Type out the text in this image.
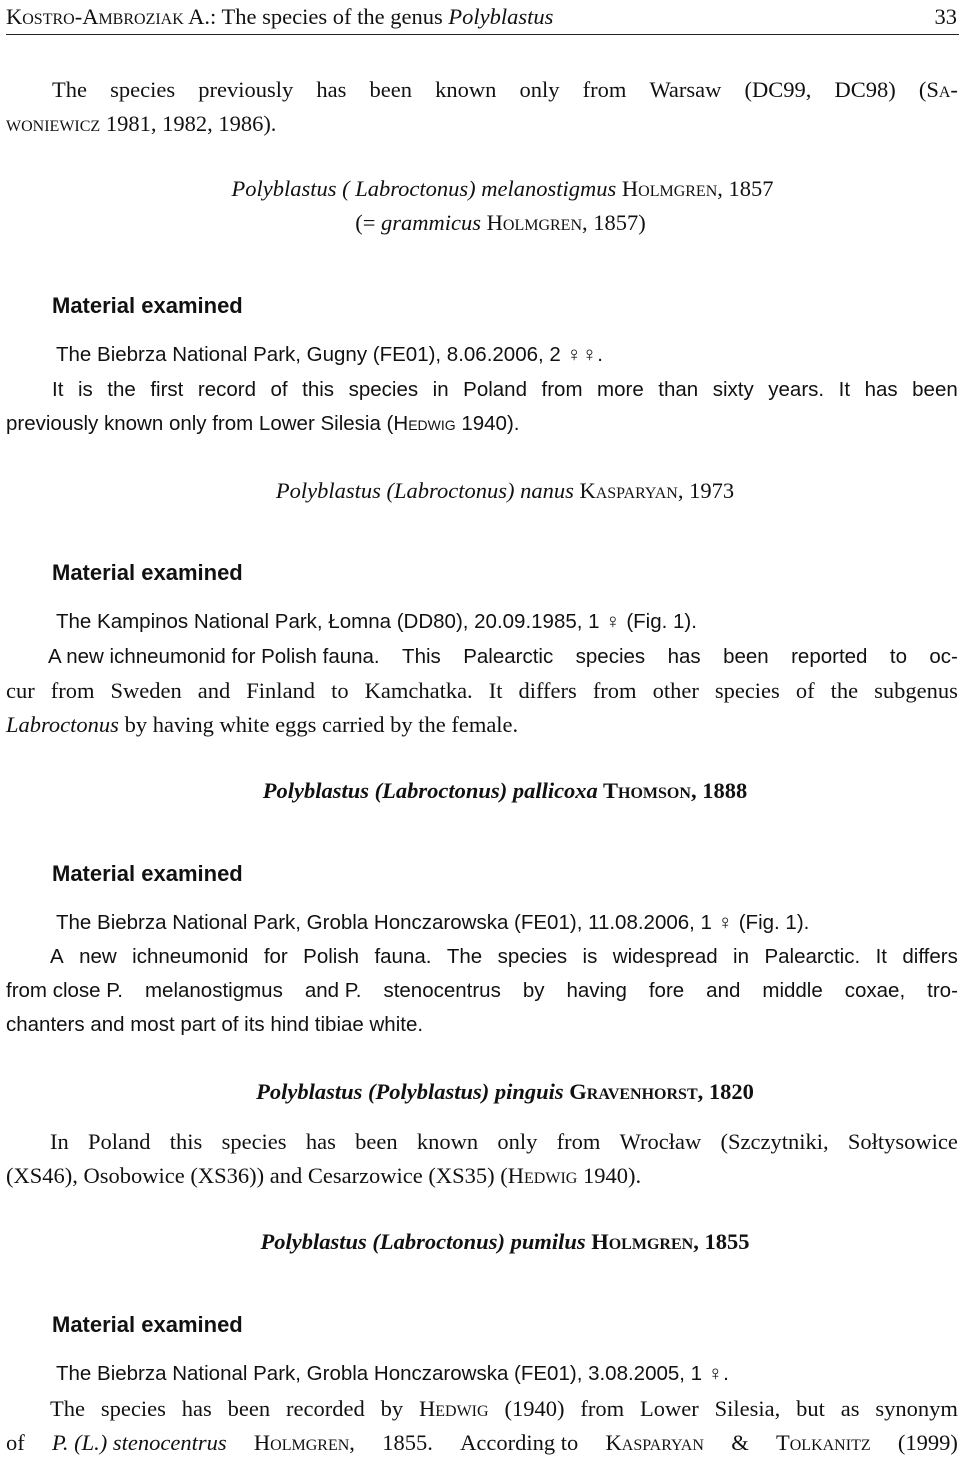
Kostro-Ambroziak A.: The species of the genus Polyblastus	33
The species previously has been known only from Warsaw (DC99, DC98) (Sa-
woniewicz 1981, 1982, 1986).
Polyblastus ( Labroctonus) melanostigmus Holmgren, 1857
(= grammicus Holmgren, 1857)
Material examined
The Biebrza National Park, Gugny (FE01), 8.06.2006, 2 ♀♀.
It is the first record of this species in Poland from more than sixty years. It has been
previously known only from Lower Silesia (Hedwig 1940).
Polyblastus (Labroctonus) nanus Kasparyan, 1973
Material examined
The Kampinos National Park, Łomna (DD80), 20.09.1985, 1 ♀ (Fig. 1).
A new ichneumonid for Polish fauna. This Palearctic species has been reported to oc-
cur from Sweden and Finland to Kamchatka. It differs from other species of the subgenus
Labroctonus by having white eggs carried by the female.
Polyblastus (Labroctonus) pallicoxa Thomson, 1888
Material examined
The Biebrza National Park, Grobla Honczarowska (FE01), 11.08.2006, 1 ♀ (Fig. 1).
A new ichneumonid for Polish fauna. The species is widespread in Palearctic. It differs
from close P. melanostigmus and P. stenocentrus by having fore and middle coxae, tro-
chanters and most part of its hind tibiae white.
Polyblastus (Polyblastus) pinguis Gravenhorst, 1820
In Poland this species has been known only from Wrocław (Szczytniki, Sołtysowice
(XS46), Osobowice (XS36)) and Cesarzowice (XS35) (Hedwig 1940).
Polyblastus (Labroctonus) pumilus Holmgren, 1855
Material examined
The Biebrza National Park, Grobla Honczarowska (FE01), 3.08.2005, 1 ♀.
The species has been recorded by Hedwig (1940) from Lower Silesia, but as synonym
of P. (L.) stenocentrus Holmgren, 1855. According to Kasparyan & Tolkanitz (1999)
